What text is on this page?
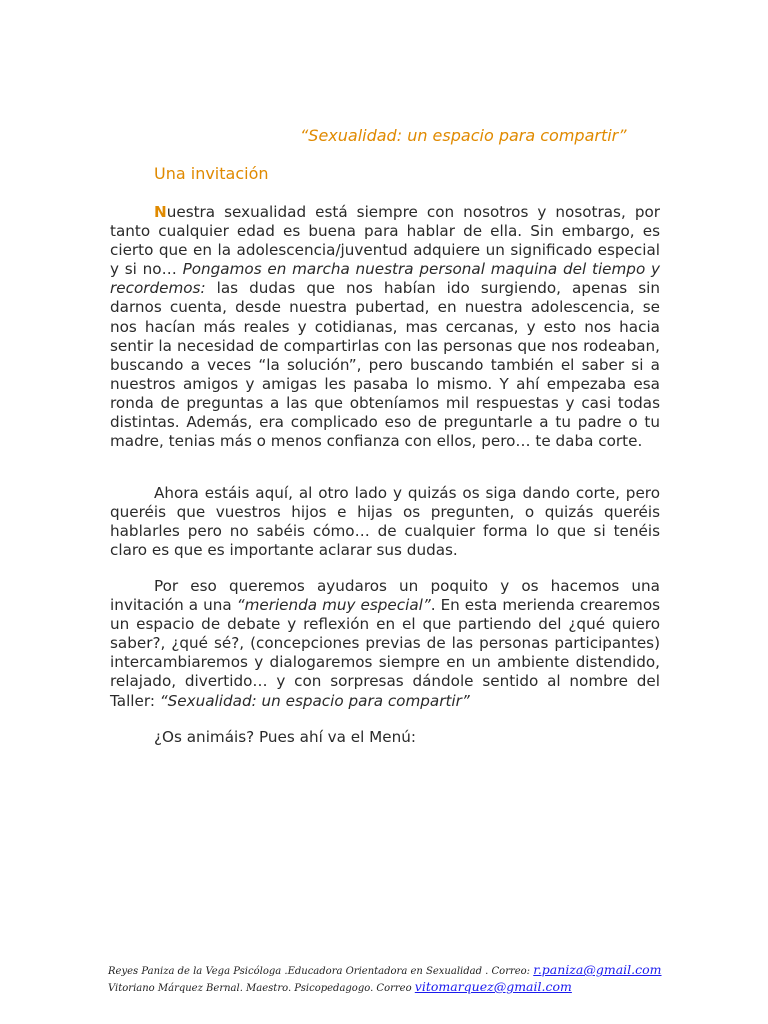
“Sexualidad: un espacio para compartir”
Una invitación

Nuestra sexualidad está siempre con nosotros y nosotras, por tanto cualquier edad es buena para hablar de ella. Sin embargo, es cierto que en la adolescencia/juventud adquiere un significado especial y si no… Pongamos en marcha nuestra personal maquina del tiempo y recordemos: las dudas que nos habían ido surgiendo, apenas sin darnos cuenta, desde nuestra pubertad, en nuestra adolescencia, se nos hacían más reales y cotidianas, mas cercanas, y esto nos hacia sentir la necesidad de compartirlas con las personas que nos rodeaban, buscando a veces “la solución”, pero buscando también el saber si a nuestros amigos y amigas les pasaba lo mismo. Y ahí empezaba esa ronda de preguntas a las que obteníamos mil respuestas y casi todas distintas. Además, era complicado eso de preguntarle a tu padre o tu madre, tenias más o menos confianza con ellos, pero… te daba corte.

Ahora estáis aquí, al otro lado y quizás os siga dando corte, pero queréis que vuestros hijos e hijas os pregunten, o quizás queréis hablarles pero no sabéis cómo… de cualquier forma lo que si tenéis claro es que es importante aclarar sus dudas.

Por eso queremos ayudaros un poquito y os hacemos una invitación a una “merienda muy especial”. En esta merienda crearemos un espacio de debate y reflexión en el que partiendo del ¿qué quiero saber?, ¿qué sé?, (concepciones previas de las personas participantes) intercambiaremos y dialogaremos siempre en un ambiente distendido, relajado, divertido… y con sorpresas dándole sentido al nombre del Taller: “Sexualidad: un espacio para compartir”

¿Os animáis? Pues ahí va el Menú:

Reyes Paniza de la Vega Psicóloga .Educadora Orientadora en Sexualidad . Correo: r.paniza@gmail.com
Vitoriano Márquez Bernal. Maestro. Psicopedagogo. Correo vitomarquez@gmail.com
